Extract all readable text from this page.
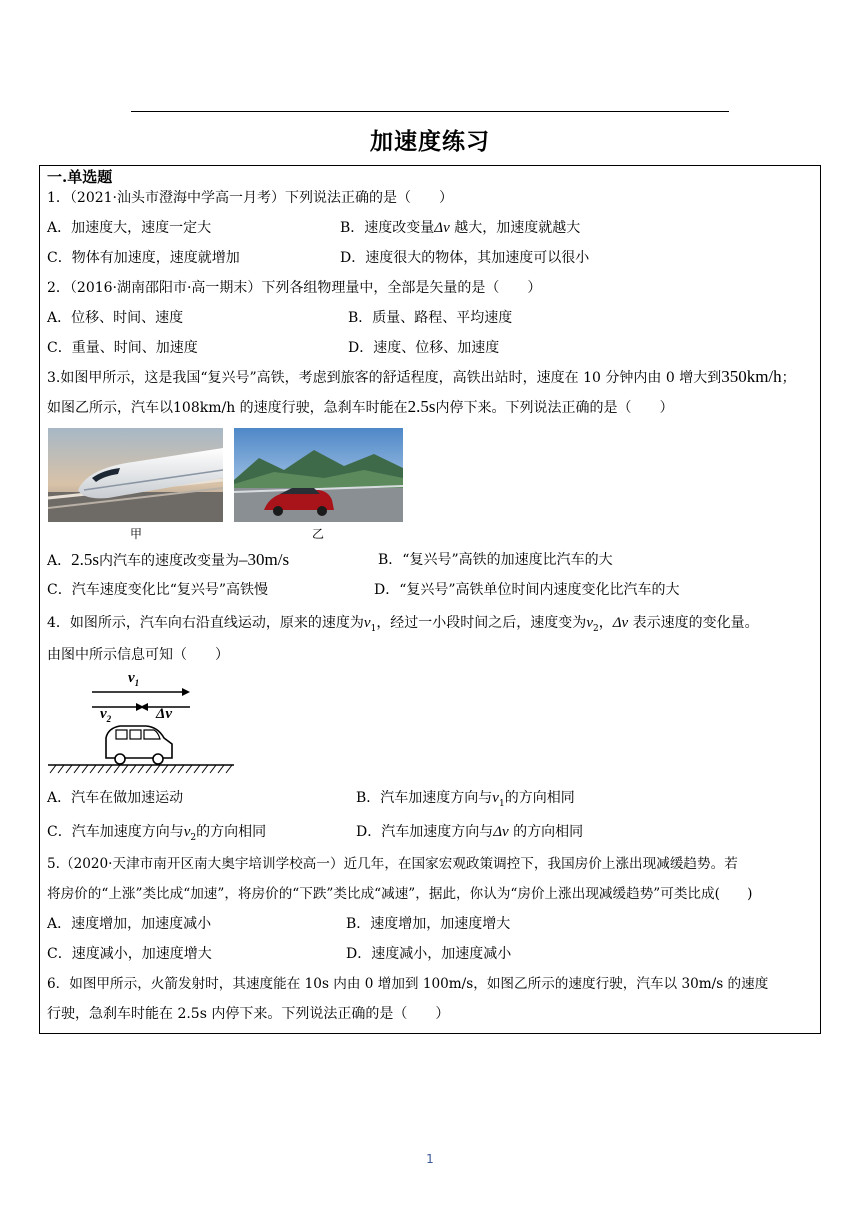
加速度练习
一.单选题
1．（2021·汕头市澄海中学高一月考）下列说法正确的是（　　）
A．加速度大，速度一定大	B．速度改变量Δv 越大，加速度就越大
C．物体有加速度，速度就增加	D．速度很大的物体，其加速度可以很小
2．（2016·湖南邵阳市·高一期末）下列各组物理量中，全部是矢量的是（　　）
A．位移、时间、速度	B．质量、路程、平均速度
C．重量、时间、加速度	D．速度、位移、加速度
3.如图甲所示，这是我国“复兴号”高铁，考虑到旅客的舒适程度，高铁出站时，速度在 10 分钟内由 0 增大到350km/h；
如图乙所示，汽车以108km/h 的速度行驶，急刹车时能在2.5s内停下来。下列说法正确的是（　　）
甲	乙
A．2.5s内汽车的速度改变量为–30m/s	B．“复兴号”高铁的加速度比汽车的大
C．汽车速度变化比“复兴号”高铁慢	D．“复兴号”高铁单位时间内速度变化比汽车的大
4．如图所示，汽车向右沿直线运动，原来的速度为$v_1$，经过一小段时间之后，速度变为$v_2$，Δv 表示速度的变化量。
由图中所示信息可知（　　）
$v_1$
$v_2$	Δv
A．汽车在做加速运动	B．汽车加速度方向与$v_1$的方向相同
C．汽车加速度方向与$v_2$的方向相同	D．汽车加速度方向与Δv 的方向相同
5.（2020·天津市南开区南大奥宇培训学校高一）近几年，在国家宏观政策调控下，我国房价上涨出现减缓趋势。若
将房价的“上涨”类比成“加速”，将房价的“下跌”类比成“减速”，据此，你认为“房价上涨出现减缓趋势”可类比成(　　)
A．速度增加，加速度减小	B．速度增加，加速度增大
C．速度减小，加速度增大	D．速度减小，加速度减小
6．如图甲所示，火箭发射时，其速度能在 10s 内由 0 增加到 100m/s，如图乙所示的速度行驶，汽车以 30m/s 的速度
行驶，急刹车时能在 2.5s 内停下来。下列说法正确的是（　　）
1
